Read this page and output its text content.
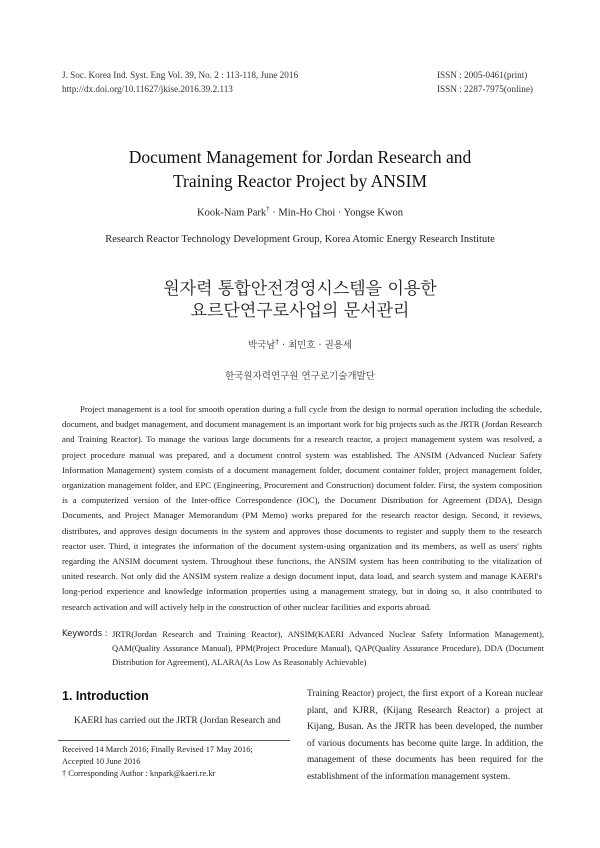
J. Soc. Korea Ind. Syst. Eng Vol. 39, No. 2 : 113-118, June 2016
http://dx.doi.org/10.11627/jkise.2016.39.2.113
ISSN : 2005-0461(print)
ISSN : 2287-7975(online)
Document Management for Jordan Research and
Training Reactor Project by ANSIM
Kook-Nam Park† · Min-Ho Choi · Yongse Kwon
Research Reactor Technology Development Group, Korea Atomic Energy Research Institute
원자력 통합안전경영시스템을 이용한
요르단연구로사업의 문서관리
박국남† · 최민호 · 권용세
한국원자력연구원 연구로기술개발단

Project management is a tool for smooth operation during a full cycle from the design to normal operation including the schedule, document, and budget management, and document management is an important work for big projects such as the JRTR (Jordan Research and Training Reactor). To manage the various large documents for a research reactor, a project management system was resolved, a project procedure manual was prepared, and a document control system was established. The ANSIM (Advanced Nuclear Safety Information Management) system consists of a document management folder, document container folder, project management folder, organization management folder, and EPC (Engineering, Procurement and Construction) document folder. First, the system composition is a computerized version of the Inter-office Correspondence (IOC), the Document Distribution for Agreement (DDA), Design Documents, and Project Manager Memorandum (PM Memo) works prepared for the research reactor design. Second, it reviews, distributes, and approves design documents in the system and approves those documents to register and supply them to the research reactor user. Third, it integrates the information of the document system-using organization and its members, as well as users' rights regarding the ANSIM document system. Throughout these functions, the ANSIM system has been contributing to the vitalization of united research. Not only did the ANSIM system realize a design document input, data load, and search system and manage KAERI's long-period experience and knowledge information properties using a management strategy, but in doing so, it also contributed to research activation and will actively help in the construction of other nuclear facilities and exports abroad.

Keywords : JRTR(Jordan Research and Training Reactor), ANSIM(KAERI Advanced Nuclear Safety Information Management), QAM(Quality Assurance Manual), PPM(Project Procedure Manual), QAP(Quality Assurance Procedure), DDA (Document Distribution for Agreement), ALARA(As Low As Reasonably Achievable)
1. Introduction
KAERI has carried out the JRTR (Jordan Research and
Received 14 March 2016; Finally Revised 17 May 2016;
Accepted 10 June 2016
† Corresponding Author : knpark@kaeri.re.kr
Training Reactor) project, the first export of a Korean nuclear plant, and KJRR, (Kijang Research Reactor) a project at Kijang, Busan. As the JRTR has been developed, the number of various documents has become quite large. In addition, the management of these documents has been required for the establishment of the information management system.
